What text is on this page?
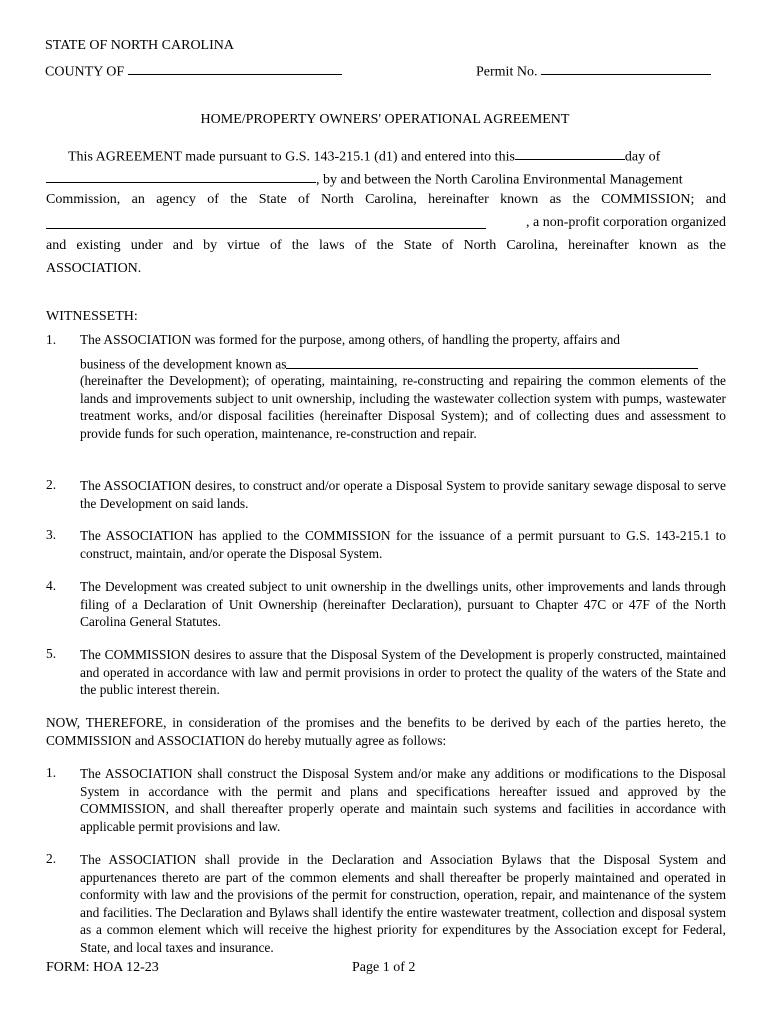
STATE OF NORTH CAROLINA

COUNTY OF	Permit No.

HOME/PROPERTY OWNERS' OPERATIONAL AGREEMENT

This AGREEMENT made pursuant to G.S. 143-215.1 (d1) and entered into this	day of

, by and between the North Carolina Environmental Management

Commission, an agency of the State of North Carolina, hereinafter known as the COMMISSION; and

, a non-profit corporation organized

and existing under and by virtue of the laws of the State of North Carolina, hereinafter known as the

ASSOCIATION.

WITNESSETH:

1. The ASSOCIATION was formed for the purpose, among others, of handling the property, affairs and

business of the development known as

(hereinafter the Development); of operating, maintaining, re-constructing and repairing the common elements of the lands and improvements subject to unit ownership, including the wastewater collection system with pumps, wastewater treatment works, and/or disposal facilities (hereinafter Disposal System); and of collecting dues and assessment to provide funds for such operation, maintenance, re-construction and repair.

2. The ASSOCIATION desires, to construct and/or operate a Disposal System to provide sanitary sewage disposal to serve the Development on said lands.

3. The ASSOCIATION has applied to the COMMISSION for the issuance of a permit pursuant to G.S. 143-215.1 to construct, maintain, and/or operate the Disposal System.

4. The Development was created subject to unit ownership in the dwellings units, other improvements and lands through filing of a Declaration of Unit Ownership (hereinafter Declaration), pursuant to Chapter 47C or 47F of the North Carolina General Statutes.

5. The COMMISSION desires to assure that the Disposal System of the Development is properly constructed, maintained and operated in accordance with law and permit provisions in order to protect the quality of the waters of the State and the public interest therein.

NOW, THEREFORE, in consideration of the promises and the benefits to be derived by each of the parties hereto, the COMMISSION and ASSOCIATION do hereby mutually agree as follows:

1. The ASSOCIATION shall construct the Disposal System and/or make any additions or modifications to the Disposal System in accordance with the permit and plans and specifications hereafter issued and approved by the COMMISSION, and shall thereafter properly operate and maintain such systems and facilities in accordance with applicable permit provisions and law.

2. The ASSOCIATION shall provide in the Declaration and Association Bylaws that the Disposal System and appurtenances thereto are part of the common elements and shall thereafter be properly maintained and operated in conformity with law and the provisions of the permit for construction, operation, repair, and maintenance of the system and facilities. The Declaration and Bylaws shall identify the entire wastewater treatment, collection and disposal system as a common element which will receive the highest priority for expenditures by the Association except for Federal, State, and local taxes and insurance.

FORM: HOA 12-23	Page 1 of 2
